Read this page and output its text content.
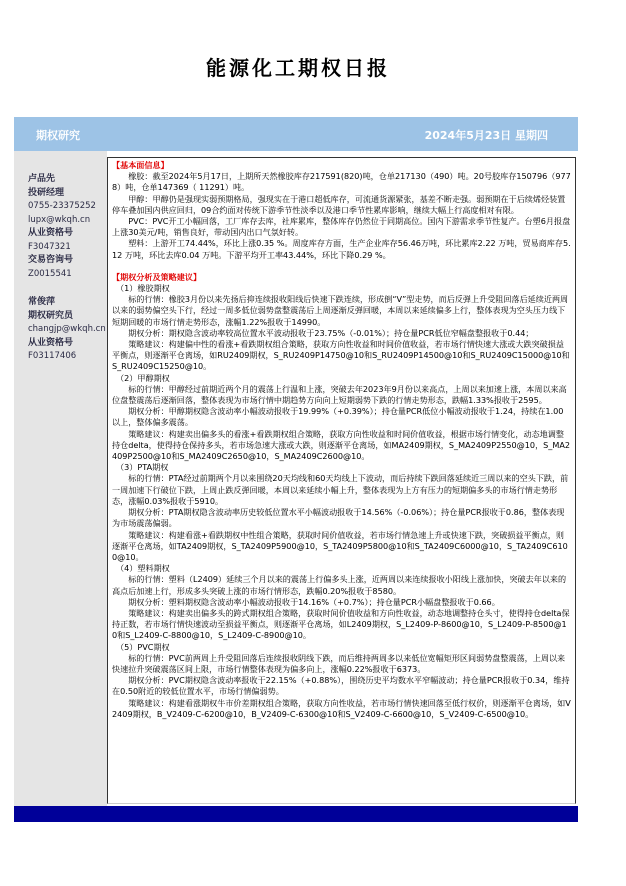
能源化工期权日报
期权研究	2024年5月23日 星期四
卢品先
投研经理
0755-23375252
lupx@wkqh.cn
从业资格号
F3047321
交易咨询号
Z0015541
常俊萍
期权研究员
changjp@wkqh.cn
从业资格号
F03117406
【基本面信息】

橡胶：截至2024年5月17日，上期所天然橡胶库存217591(820)吨，仓单217130（490）吨。20号胶库存150796（9778）吨，仓单147369（ 11291）吨。

甲醇：甲醇仍是强现实弱预期格局，强现实在于港口超低库存，可流通货源紧张，基差不断走强。弱预期在于后续烯烃装置停车叠加国内供应回归，09合约面对传统下游季节性淡季以及港口季节性累库影响，继续大幅上行高度相对有限。

PVC：PVC开工小幅回落，工厂库存去库，社库累库，整体库存仍然位于同期高位。国内下游需求季节性复产。台塑6月报盘上涨30美元/吨，销售良好，带动国内出口气氛好转。

塑料：上游开工74.44%，环比上涨0.35 %。周度库存方面，生产企业库存56.46万吨，环比累库2.22 万吨，贸易商库存5.12 万吨，环比去库0.04 万吨。下游平均开工率43.44%，环比下降0.29 %。

【期权分析及策略建议】

（1）橡胶期权

标的行情：橡胶3月份以来先扬后抑连续报收阳线后快速下跌连续，形成倒“V”型走势，而后反弹上升受阻回落后延续近两周以来的弱势偏空头下行，经过一周多低位弱势盘整震荡后上周逐渐反弹回暖，本周以来延续偏多上行，整体表现为空头压力线下短期回暖的市场行情走势形态，涨幅1.22%报收于14990。

期权分析：期权隐含波动率较高位置水平波动报收于23.75%（-0.01%）；持仓量PCR低位窄幅盘整报收于0.44；

策略建议：构建偏中性的看涨+看跌期权组合策略，获取方向性收益和时间价值收益，若市场行情快速大涨或大跌突破损益平衡点，则逐渐平仓离场，如RU2409期权，S_RU2409P14750@10和S_RU2409P14500@10和S_RU2409C15000@10和S_RU2409C15250@10。

（2）甲醇期权

标的行情：甲醇经过前期近两个月的震荡上行温和上涨，突破去年2023年9月份以来高点，上周以来加速上涨，本周以来高位盘整震荡后逐渐回落，整体表现为市场行情中期趋势方向向上短期弱势下跌的行情走势形态，跌幅1.33%报收于2595。

期权分析：甲醇期权隐含波动率小幅波动报收于19.99%（+0.39%）；持仓量PCR低位小幅波动报收于1.24，持续在1.00以上，整体偏多震荡。

策略建议：构建卖出偏多头的看涨+看跌期权组合策略，获取方向性收益和时间价值收益，根据市场行情变化，动态地调整持仓delta，使得持仓保持多头，若市场急速大涨或大跌，则逐渐平仓离场，如MA2409期权，S_MA2409P2550@10，S_MA2409P2500@10和S_MA2409C2650@10，S_MA2409C2600@10。

（3）PTA期权

标的行情：PTA经过前期两个月以来围绕20天均线和60天均线上下波动，而后持续下跌回落延续近三周以来的空头下跌，前一周加速下行破位下跌，上周止跌反弹回暖，本周以来延续小幅上升，整体表现为上方有压力的短期偏多头的市场行情走势形态，涨幅0.03%报收于5910。

期权分析：PTA期权隐含波动率历史较低位置水平小幅波动报收于14.56%（-0.06%）；持仓量PCR报收于0.86，整体表现为市场震荡偏弱。

策略建议：构建看涨+看跌期权中性组合策略，获取时间价值收益，若市场行情急速上升或快速下跌，突破损益平衡点，则逐渐平仓离场，如TA2409期权，S_TA2409P5900@10，S_TA2409P5800@10和S_TA2409C6000@10，S_TA2409C6100@10。

（4）塑料期权

标的行情：塑料（L2409）延续三个月以来的震荡上行偏多头上涨，近两周以来连续报收小阳线上涨加快，突破去年以来的高点后加速上行，形成多头突破上涨的市场行情形态，跌幅0.20%报收于8580。

期权分析：塑料期权隐含波动率小幅波动报收于14.16%（+0.7%）；持仓量PCR小幅盘整报收于0.66。

策略建议：构建卖出偏多头的跨式期权组合策略，获取时间价值收益和方向性收益，动态地调整持仓头寸，使得持仓delta保持正数，若市场行情快速波动至损益平衡点，则逐渐平仓离场，如L2409期权，S_L2409-P-8600@10，S_L2409-P-8500@10和S_L2409-C-8800@10，S_L2409-C-8900@10。

（5）PVC期权

标的行情：PVC前两周上升受阻回落后连续报收阴线下跌，而后维持两周多以来低位宽幅矩形区间弱势盘整震荡，上周以来快速拉升突破震荡区间上限，市场行情整体表现为偏多向上，涨幅0.22%报收于6373。

期权分析：PVC期权隐含波动率报收于22.15%（+0.88%），围绕历史平均数水平窄幅波动；持仓量PCR报收于0.34，维持在0.50附近的较低位置水平，市场行情偏弱势。

策略建议：构建看涨期权牛市价差期权组合策略，获取方向性收益，若市场行情快速回落至低行权价，则逐渐平仓离场，如V2409期权，B_V2409-C-6200@10，B_V2409-C-6300@10和S_V2409-C-6600@10，S_V2409-C-6500@10。
